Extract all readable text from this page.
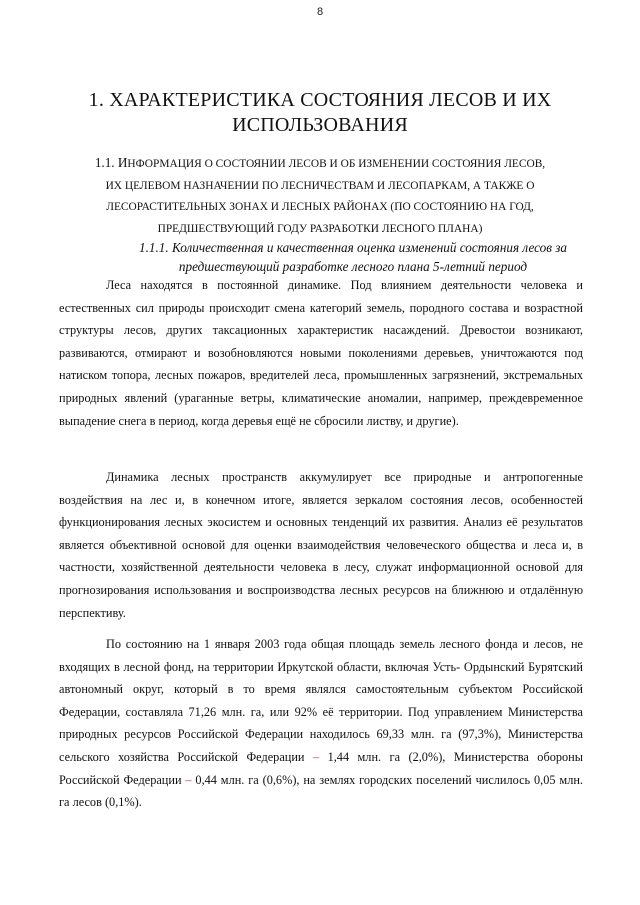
8
1. ХАРАКТЕРИСТИКА СОСТОЯНИЯ ЛЕСОВ И ИХ
ИСПОЛЬЗОВАНИЯ
1.1. ИНФОРМАЦИЯ О СОСТОЯНИИ ЛЕСОВ И ОБ ИЗМЕНЕНИИ СОСТОЯНИЯ ЛЕСОВ, ИХ ЦЕЛЕВОМ НАЗНАЧЕНИИ ПО ЛЕСНИЧЕСТВАМ И ЛЕСОПАРКАМ, А ТАКЖЕ О ЛЕСОРАСТИТЕЛЬНЫХ ЗОНАХ И ЛЕСНЫХ РАЙОНАХ (ПО СОСТОЯНИЮ НА ГОД, ПРЕДШЕСТВУЮЩИЙ ГОДУ РАЗРАБОТКИ ЛЕСНОГО ПЛАНА)
1.1.1. Количественная и качественная оценка изменений состояния лесов за предшествующий разработке лесного плана 5-летний период

Леса находятся в постоянной динамике. Под влиянием деятельности человека и естественных сил природы происходит смена категорий земель, породного состава и возрастной структуры лесов, других таксационных характеристик насаждений. Древостои возникают, развиваются, отмирают и возобновляются новыми поколениями деревьев, уничтожаются под натиском топора, лесных пожаров, вредителей леса, промышленных загрязнений, экстремальных природных явлений (ураганные ветры, климатические аномалии, например, преждевременное выпадение снега в период, когда деревья ещё не сбросили листву, и другие).

Динамика лесных пространств аккумулирует все природные и антропогенные воздействия на лес и, в конечном итоге, является зеркалом состояния лесов, особенностей функционирования лесных экосистем и основных тенденций их развития. Анализ её результатов является объективной основой для оценки взаимодействия человеческого общества и леса и, в частности, хозяйственной деятельности человека в лесу, служат информационной основой для прогнозирования использования и воспроизводства лесных ресурсов на ближнюю и отдалённую перспективу.

По состоянию на 1 января 2003 года общая площадь земель лесного фонда и лесов, не входящих в лесной фонд, на территории Иркутской области, включая Усть- Ордынский Бурятский автономный округ, который в то время являлся самостоятельным субъектом Российской Федерации, составляла 71,26 млн. га, или 92% её территории. Под управлением Министерства природных ресурсов Российской Федерации находилось 69,33 млн. га (97,3%), Министерства сельского хозяйства Российской Федерации – 1,44 млн. га (2,0%), Министерства обороны Российской Федерации – 0,44 млн. га (0,6%), на землях городских поселений числилось 0,05 млн. га лесов (0,1%).
